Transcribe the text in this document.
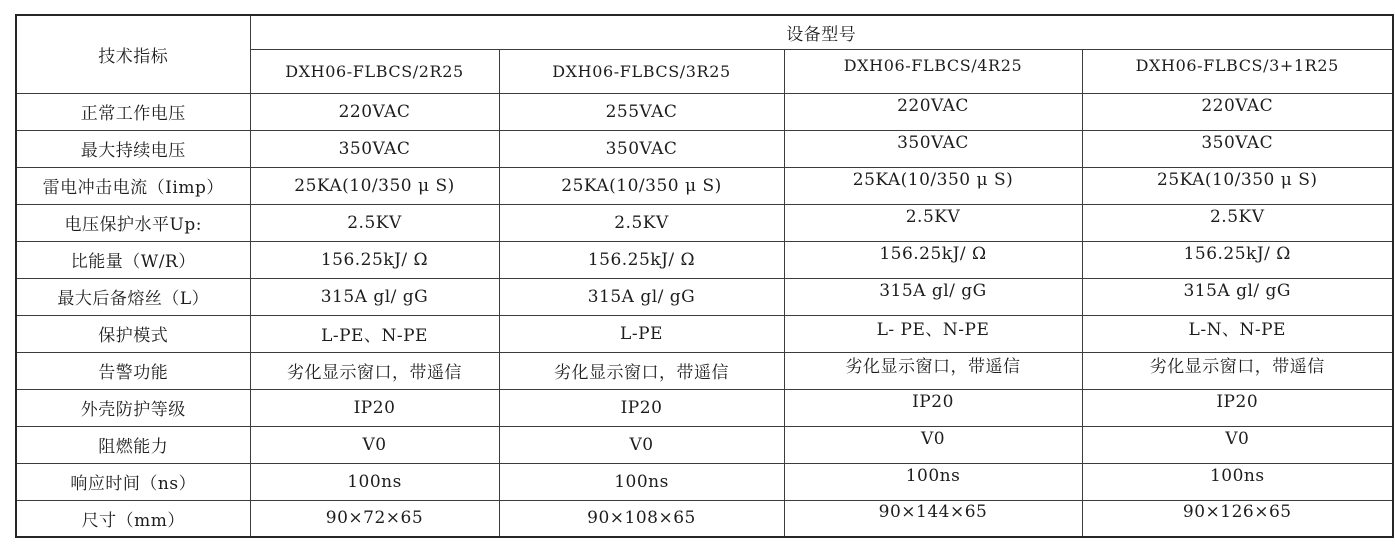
技术指标	设备型号			
	DXH06-FLBCS/2R25	DXH06-FLBCS/3R25	DXH06-FLBCS/4R25	DXH06-FLBCS/3+1R25
正常工作电压	220VAC	255VAC	220VAC	220VAC
最大持续电压	350VAC	350VAC	350VAC	350VAC
雷电冲击电流（Iimp）	25KA(10/350 μ S)	25KA(10/350 μ S)	25KA(10/350 μ S)	25KA(10/350 μ S)
电压保护水平Up:	2.5KV	2.5KV	2.5KV	2.5KV
比能量（W/R）	156.25kJ/ Ω	156.25kJ/ Ω	156.25kJ/ Ω	156.25kJ/ Ω
最大后备熔丝（L）	315A gl/ gG	315A gl/ gG	315A gl/ gG	315A gl/ gG
保护模式	L-PE、N-PE	L-PE	L- PE、N-PE	L-N、N-PE
告警功能	劣化显示窗口，带遥信	劣化显示窗口，带遥信	劣化显示窗口，带遥信	劣化显示窗口，带遥信
外壳防护等级	IP20	IP20	IP20	IP20
阻燃能力	V0	V0	V0	V0
响应时间（ns）	100ns	100ns	100ns	100ns
尺寸（mm）	90×72×65	90×108×65	90×144×65	90×126×65
